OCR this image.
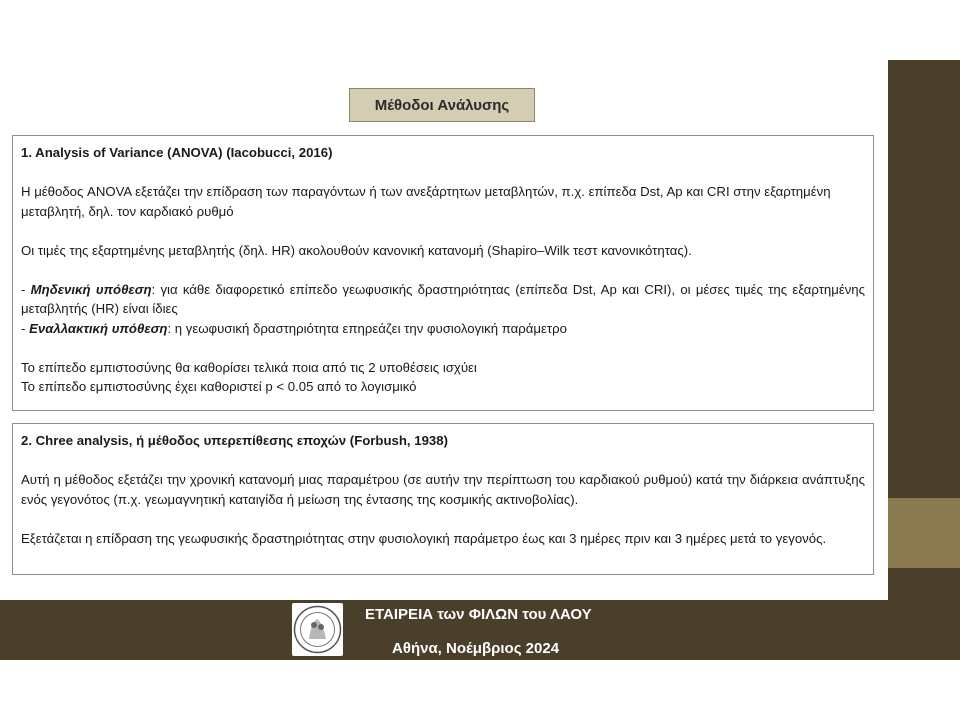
Μέθοδοι Ανάλυσης

1. Analysis of Variance (ANOVA) (Iacobucci, 2016)

Η μέθοδος ANOVA εξετάζει την επίδραση των παραγόντων ή των ανεξάρτητων μεταβλητών, π.χ. επίπεδα Dst, Ap και CRI στην εξαρτημένη μεταβλητή, δηλ. τον καρδιακό ρυθμό

Οι τιμές της εξαρτημένης μεταβλητής (δηλ. HR) ακολουθούν κανονική κατανομή (Shapiro–Wilk τεστ κανονικότητας).

- Μηδενική υπόθεση: για κάθε διαφορετικό επίπεδο γεωφυσικής δραστηριότητας (επίπεδα Dst, Ap και CRI), οι μέσες τιμές της εξαρτημένης μεταβλητής (HR) είναι ίδιες

- Εναλλακτική υπόθεση: η γεωφυσική δραστηριότητα επηρεάζει την φυσιολογική παράμετρο

Το επίπεδο εμπιστοσύνης θα καθορίσει τελικά ποια από τις 2 υποθέσεις ισχύει

Το επίπεδο εμπιστοσύνης έχει καθοριστεί p < 0.05 από το λογισμικό

2. Chree analysis, ή μέθοδος υπερεπίθεσης εποχών (Forbush, 1938)

Αυτή η μέθοδος εξετάζει την χρονική κατανομή μιας παραμέτρου (σε αυτήν την περίπτωση του καρδιακού ρυθμού) κατά την διάρκεια ανάπτυξης ενός γεγονότος (π.χ. γεωμαγνητική καταιγίδα ή μείωση της έντασης της κοσμικής ακτινοβολίας).

Εξετάζεται η επίδραση της γεωφυσικής δραστηριότητας στην φυσιολογική παράμετρο έως και 3 ημέρες πριν και 3 ημέρες μετά το γεγονός.

ΕΤΑΙΡΕΙΑ των ΦΙΛΩΝ του ΛΑΟΥ
Αθήνα, Νοέμβριος 2024
